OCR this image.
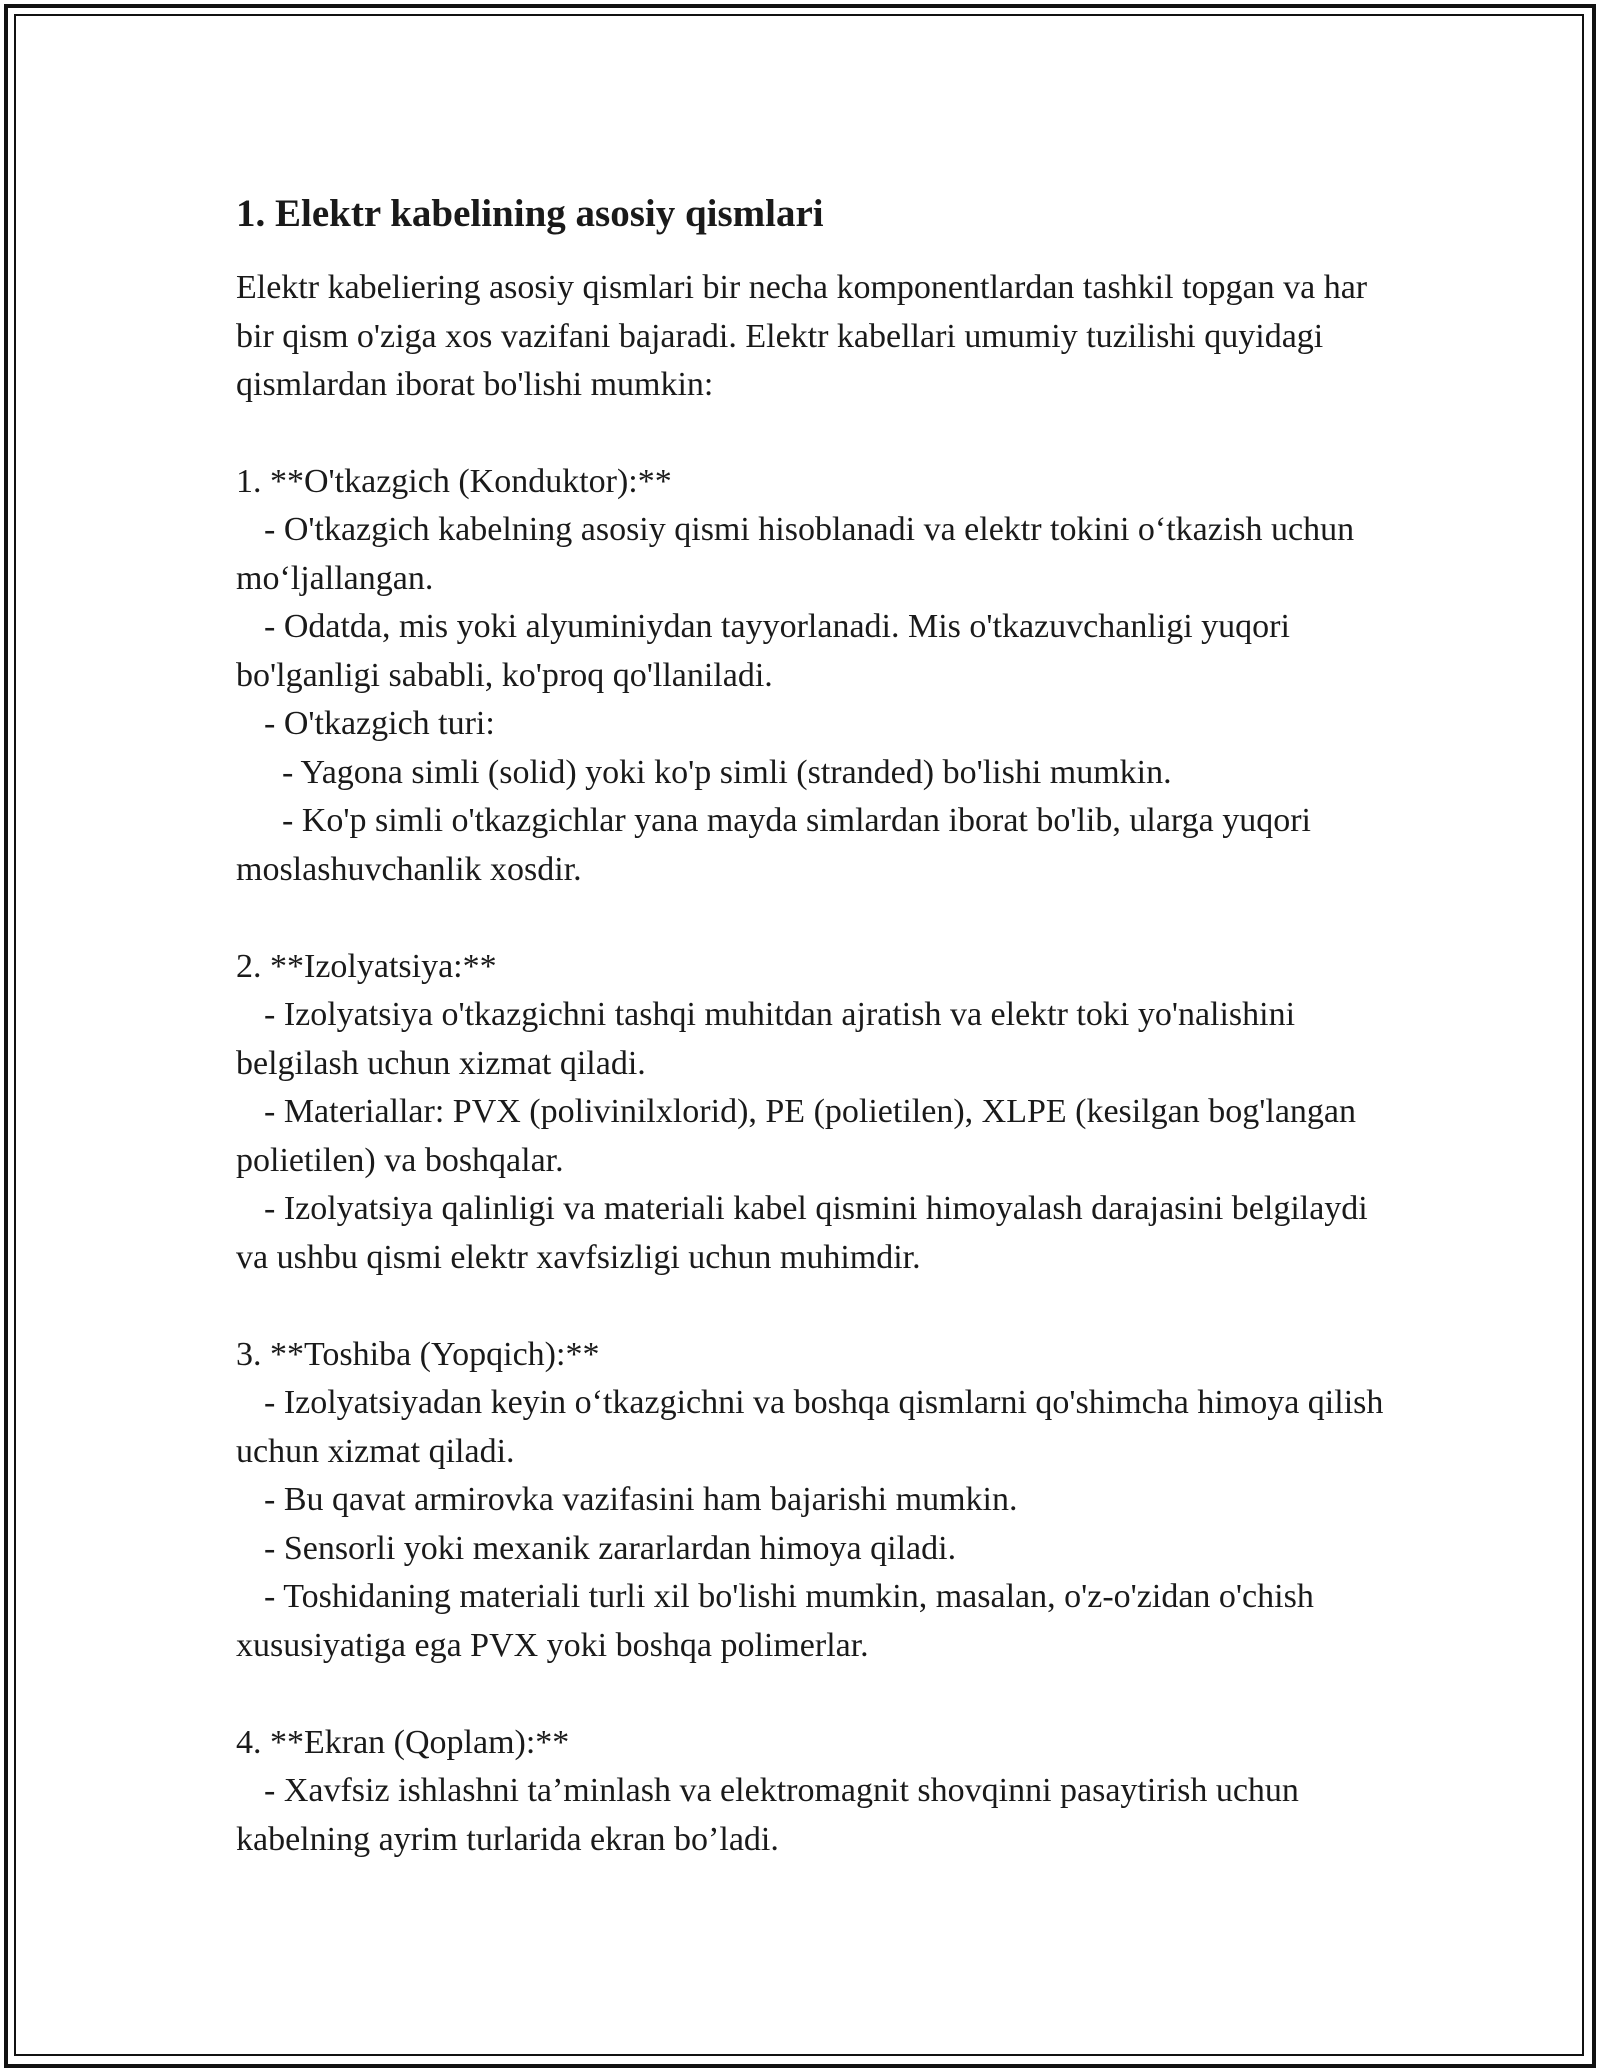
1. Elektr kabelining asosiy qismlari

Elektr kabeliering asosiy qismlari bir necha komponentlardan tashkil topgan va har bir qism o'ziga xos vazifani bajaradi. Elektr kabellari umumiy tuzilishi quyidagi qismlardan iborat bo'lishi mumkin:

1. **O'tkazgich (Konduktor):**

- O'tkazgich kabelning asosiy qismi hisoblanadi va elektr tokini o‘tkazish uchun mo‘ljallangan.

- Odatda, mis yoki alyuminiydan tayyorlanadi. Mis o'tkazuvchanligi yuqori bo'lganligi sababli, ko'proq qo'llaniladi.

- O'tkazgich turi:

- Yagona simli (solid) yoki ko'p simli (stranded) bo'lishi mumkin.

- Ko'p simli o'tkazgichlar yana mayda simlardan iborat bo'lib, ularga yuqori moslashuvchanlik xosdir.

2. **Izolyatsiya:**

- Izolyatsiya o'tkazgichni tashqi muhitdan ajratish va elektr toki yo'nalishini belgilash uchun xizmat qiladi.

- Materiallar: PVX (polivinilxlorid), PE (polietilen), XLPE (kesilgan bog'langan polietilen) va boshqalar.

- Izolyatsiya qalinligi va materiali kabel qismini himoyalash darajasini belgilaydi va ushbu qismi elektr xavfsizligi uchun muhimdir.

3. **Toshiba (Yopqich):**

- Izolyatsiyadan keyin o‘tkazgichni va boshqa qismlarni qo'shimcha himoya qilish uchun xizmat qiladi.

- Bu qavat armirovka vazifasini ham bajarishi mumkin.

- Sensorli yoki mexanik zararlardan himoya qiladi.

- Toshidaning materiali turli xil bo'lishi mumkin, masalan, o'z-o'zidan o'chish xususiyatiga ega PVX yoki boshqa polimerlar.

4. **Ekran (Qoplam):**

- Xavfsiz ishlashni ta’minlash va elektromagnit shovqinni pasaytirish uchun kabelning ayrim turlarida ekran bo’ladi.
